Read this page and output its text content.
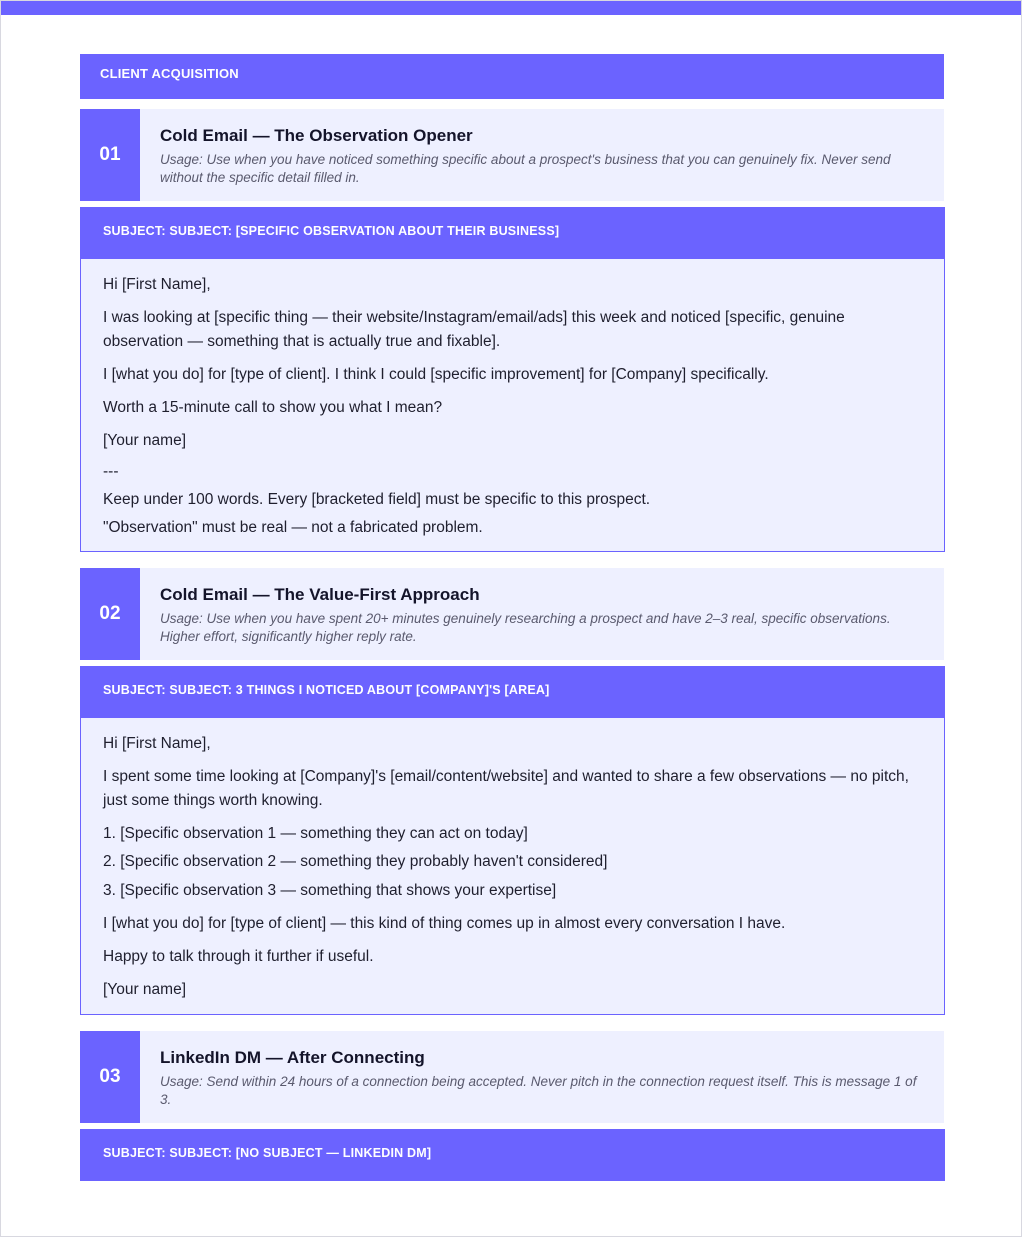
CLIENT ACQUISITION
01
Cold Email — The Observation Opener
Usage: Use when you have noticed something specific about a prospect's business that you can genuinely fix. Never send without the specific detail filled in.
SUBJECT: SUBJECT: [SPECIFIC OBSERVATION ABOUT THEIR BUSINESS]
Hi [First Name],
I was looking at [specific thing — their website/Instagram/email/ads] this week and noticed [specific, genuine observation — something that is actually true and fixable].
I [what you do] for [type of client]. I think I could [specific improvement] for [Company] specifically.
Worth a 15-minute call to show you what I mean?
[Your name]
---
Keep under 100 words. Every [bracketed field] must be specific to this prospect.
"Observation" must be real — not a fabricated problem.
02
Cold Email — The Value-First Approach
Usage: Use when you have spent 20+ minutes genuinely researching a prospect and have 2–3 real, specific observations. Higher effort, significantly higher reply rate.
SUBJECT: SUBJECT: 3 THINGS I NOTICED ABOUT [COMPANY]'S [AREA]
Hi [First Name],
I spent some time looking at [Company]'s [email/content/website] and wanted to share a few observations — no pitch, just some things worth knowing.
1. [Specific observation 1 — something they can act on today]
2. [Specific observation 2 — something they probably haven't considered]
3. [Specific observation 3 — something that shows your expertise]
I [what you do] for [type of client] — this kind of thing comes up in almost every conversation I have.
Happy to talk through it further if useful.
[Your name]
03
LinkedIn DM — After Connecting
Usage: Send within 24 hours of a connection being accepted. Never pitch in the connection request itself. This is message 1 of 3.
SUBJECT: SUBJECT: [NO SUBJECT — LINKEDIN DM]
